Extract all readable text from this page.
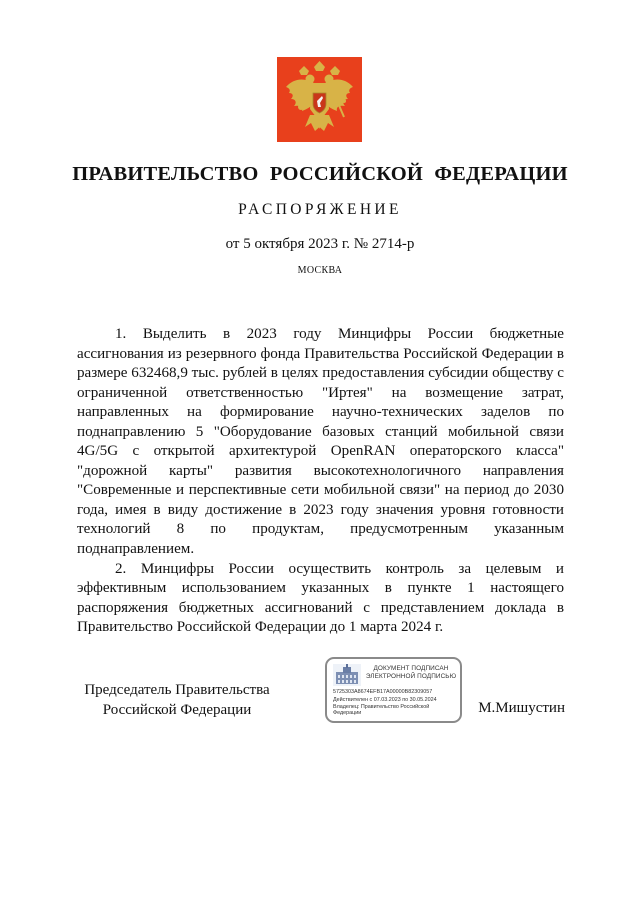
ПРАВИТЕЛЬСТВО РОССИЙСКОЙ ФЕДЕРАЦИИ
РАСПОРЯЖЕНИЕ
от 5 октября 2023 г. № 2714-р
МОСКВА

1. Выделить в 2023 году Минцифры России бюджетные ассигнования из резервного фонда Правительства Российской Федерации в размере 632468,9 тыс. рублей в целях предоставления субсидии обществу с ограниченной ответственностью "Иртея" на возмещение затрат, направленных на формирование научно-технических заделов по поднаправлению 5 "Оборудование базовых станций мобильной связи 4G/5G с открытой архитектурой OpenRAN операторского класса" "дорожной карты" развития высокотехнологичного направления "Современные и перспективные сети мобильной связи" на период до 2030 года, имея в виду достижение в 2023 году значения уровня готовности технологий 8 по продуктам, предусмотренным указанным поднаправлением.

2. Минцифры России осуществить контроль за целевым и эффективным использованием указанных в пункте 1 настоящего распоряжения бюджетных ассигнований с представлением доклада в Правительство Российской Федерации до 1 марта 2024 г.

Председатель Правительства
Российской Федерации
ДОКУМЕНТ ПОДПИСАН
ЭЛЕКТРОННОЙ ПОДПИСЬЮ
5725303A8674EFB17A00000B82309057
Действителен с 07.03.2023 по 30.05.2024
Владелец: Правительство Российской
Федерации	М.Мишустин
